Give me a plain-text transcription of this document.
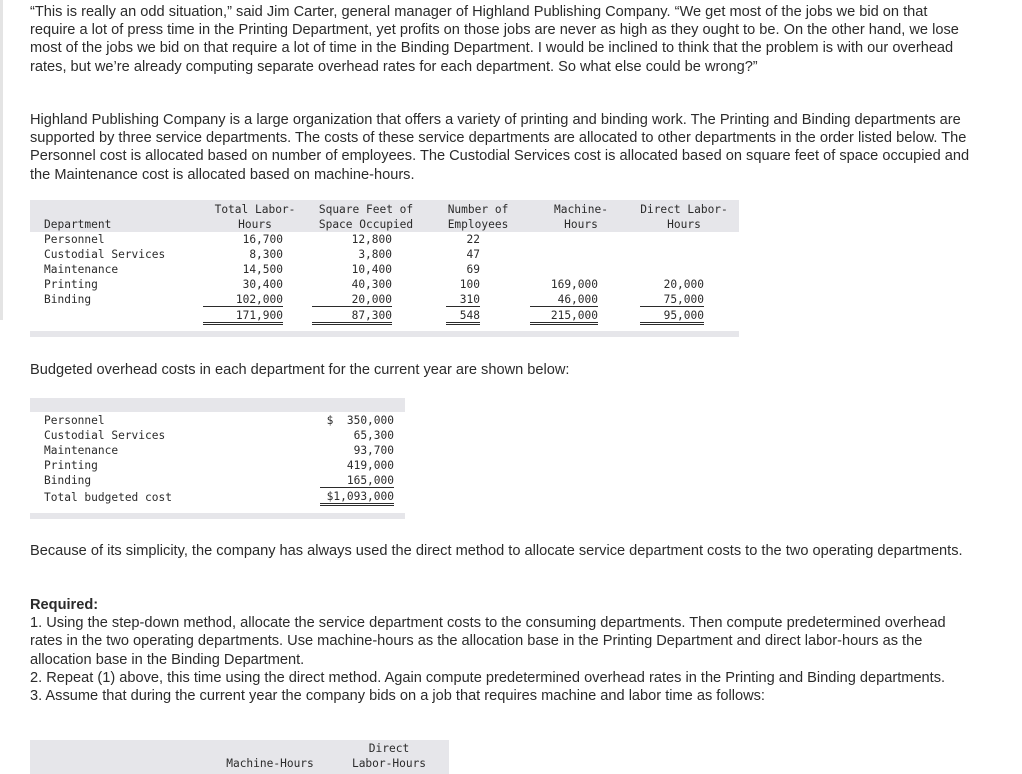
“This is really an odd situation,” said Jim Carter, general manager of Highland Publishing Company. “We get most of the jobs we bid on that require a lot of press time in the Printing Department, yet profits on those jobs are never as high as they ought to be. On the other hand, we lose most of the jobs we bid on that require a lot of time in the Binding Department. I would be inclined to think that the problem is with our overhead rates, but we’re already computing separate overhead rates for each department. So what else could be wrong?”
Highland Publishing Company is a large organization that offers a variety of printing and binding work. The Printing and Binding departments are supported by three service departments. The costs of these service departments are allocated to other departments in the order listed below. The Personnel cost is allocated based on number of employees. The Custodial Services cost is allocated based on square feet of space occupied and the Maintenance cost is allocated based on machine-hours.
Department
Total Labor-
Hours
Square Feet of
Space Occupied
Number of
Employees
Machine-
Hours
Direct Labor-
Hours
Personnel	16,700	12,800	22
Custodial Services	8,300	3,800	47
Maintenance	14,500	10,400	69
Printing	30,400	40,300	100	169,000	20,000
Binding	102,000	20,000	310	46,000	75,000
171,900	87,300	548	215,000	95,000
Budgeted overhead costs in each department for the current year are shown below:
Personnel	$  350,000
Custodial Services	65,300
Maintenance	93,700
Printing	419,000
Binding	165,000
Total budgeted cost	$1,093,000
Because of its simplicity, the company has always used the direct method to allocate service department costs to the two operating departments.
Required:
1. Using the step-down method, allocate the service department costs to the consuming departments. Then compute predetermined overhead rates in the two operating departments. Use machine-hours as the allocation base in the Printing Department and direct labor-hours as the allocation base in the Binding Department.
2. Repeat (1) above, this time using the direct method. Again compute predetermined overhead rates in the Printing and Binding departments.
3. Assume that during the current year the company bids on a job that requires machine and labor time as follows:
Direct
Machine-Hours	Labor-Hours
